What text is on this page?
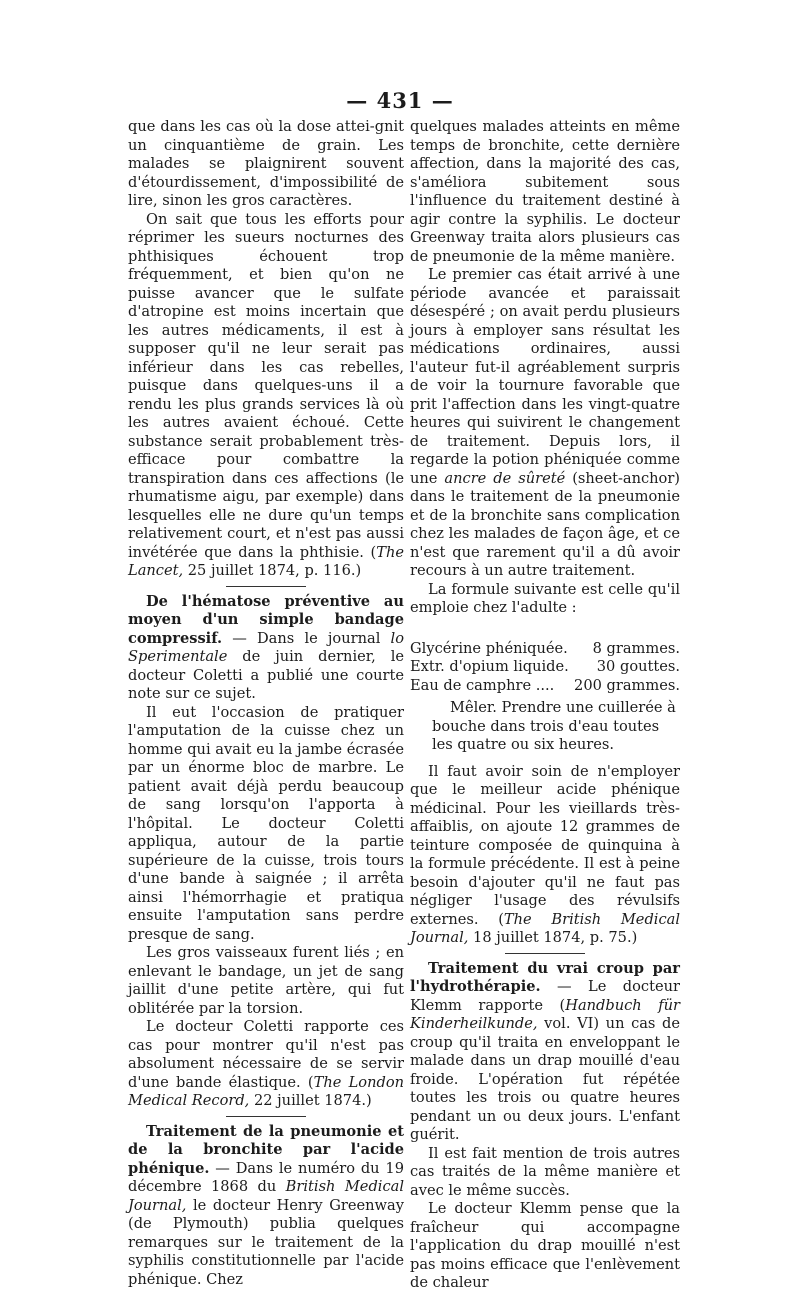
— 431 —

que dans les cas où la dose attei-gnit un cinquantième de grain. Les malades se plaignirent souvent d'étourdissement, d'impossibilité de lire, sinon les gros caractères.

On sait que tous les efforts pour réprimer les sueurs nocturnes des phthisiques échouent trop fréquemment, et bien qu'on ne puisse avancer que le sulfate d'atropine est moins incertain que les autres médicaments, il est à supposer qu'il ne leur serait pas inférieur dans les cas rebelles, puisque dans quelques-uns il a rendu les plus grands services là où les autres avaient échoué. Cette substance serait probablement très-efficace pour combattre la transpiration dans ces affections (le rhumatisme aigu, par exemple) dans lesquelles elle ne dure qu'un temps relativement court, et n'est pas aussi invétérée que dans la phthisie. (The Lancet, 25 juillet 1874, p. 116.)

De l'hématose préventive au moyen d'un simple bandage compressif. — Dans le journal lo Sperimentale de juin dernier, le docteur Coletti a publié une courte note sur ce sujet.

Il eut l'occasion de pratiquer l'amputation de la cuisse chez un homme qui avait eu la jambe écrasée par un énorme bloc de marbre. Le patient avait déjà perdu beaucoup de sang lorsqu'on l'apporta à l'hôpital. Le docteur Coletti appliqua, autour de la partie supérieure de la cuisse, trois tours d'une bande à saignée ; il arrêta ainsi l'hémorrhagie et pratiqua ensuite l'amputation sans perdre presque de sang.

Les gros vaisseaux furent liés ; en enlevant le bandage, un jet de sang jaillit d'une petite artère, qui fut oblitérée par la torsion.

Le docteur Coletti rapporte ces cas pour montrer qu'il n'est pas absolument nécessaire de se servir d'une bande élastique. (The London Medical Record, 22 juillet 1874.)

Traitement de la pneumonie et de la bronchite par l'acide phénique. — Dans le numéro du 19 décembre 1868 du British Medical Journal, le docteur Henry Greenway (de Plymouth) publia quelques remarques sur le traitement de la syphilis constitutionnelle par l'acide phénique. Chez

quelques malades atteints en même temps de bronchite, cette dernière affection, dans la majorité des cas, s'améliora subitement sous l'influence du traitement destiné à agir contre la syphilis. Le docteur Greenway traita alors plusieurs cas de pneumonie de la même manière.

Le premier cas était arrivé à une période avancée et paraissait désespéré ; on avait perdu plusieurs jours à employer sans résultat les médications ordinaires, aussi l'auteur fut-il agréablement surpris de voir la tournure favorable que prit l'affection dans les vingt-quatre heures qui suivirent le changement de traitement. Depuis lors, il regarde la potion phéniquée comme une ancre de sûreté (sheet-anchor) dans le traitement de la pneumonie et de la bronchite sans complication chez les malades de façon âge, et ce n'est que rarement qu'il a dû avoir recours à un autre traitement.

La formule suivante est celle qu'il emploie chez l'adulte :

Glycérine phéniquée. 8 grammes.
Extr. d'opium liquide. 30 gouttes.
Eau de camphre .... 200 grammes.

Mêler. Prendre une cuillerée à bouche dans trois d'eau toutes les quatre ou six heures.

Il faut avoir soin de n'employer que le meilleur acide phénique médicinal. Pour les vieillards très-affaiblis, on ajoute 12 grammes de teinture composée de quinquina à la formule précédente. Il est à peine besoin d'ajouter qu'il ne faut pas négliger l'usage des révulsifs externes. (The British Medical Journal, 18 juillet 1874, p. 75.)

Traitement du vrai croup par l'hydrothérapie. — Le docteur Klemm rapporte (Handbuch für Kinderheilkunde, vol. VI) un cas de croup qu'il traita en enveloppant le malade dans un drap mouillé d'eau froide. L'opération fut répétée toutes les trois ou quatre heures pendant un ou deux jours. L'enfant guérit.

Il est fait mention de trois autres cas traités de la même manière et avec le même succès.

Le docteur Klemm pense que la fraîcheur qui accompagne l'application du drap mouillé n'est pas moins efficace que l'enlèvement de chaleur
